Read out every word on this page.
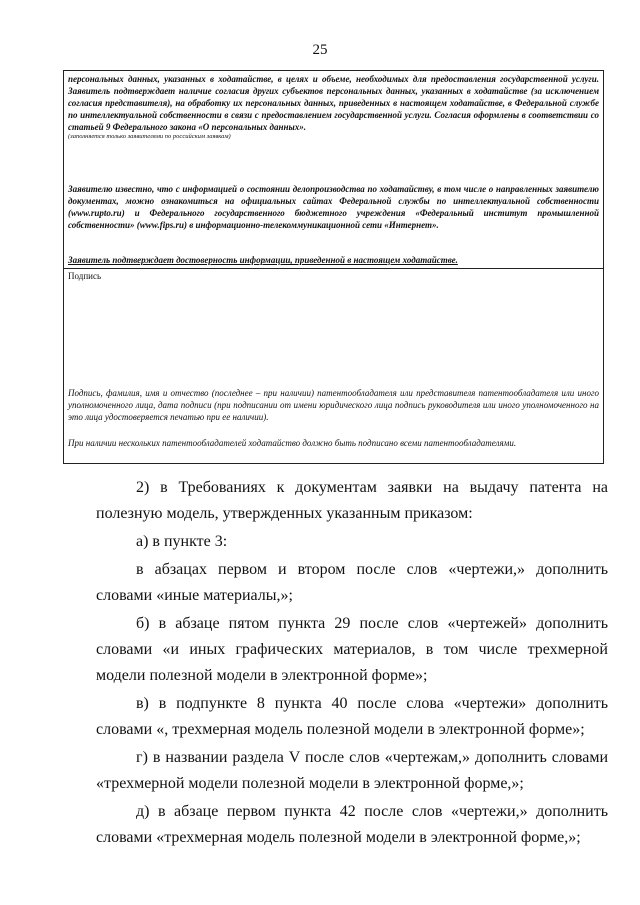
25
персональных данных, указанных в ходатайстве, в целях и объеме, необходимых для предоставления государственной услуги. Заявитель подтверждает наличие согласия других субъектов персональных данных, указанных в ходатайстве (за исключением согласия представителя), на обработку их персональных данных, приведенных в настоящем ходатайстве, в Федеральной службе по интеллектуальной собственности в связи с предоставлением государственной услуги. Согласия оформлены в соответствии со статьей 9 Федерального закона «О персональных данных».
(заполняется только заявителями по российским заявкам)
Заявителю известно, что с информацией о состоянии делопроизводства по ходатайству, в том числе о направленных заявителю документах, можно ознакомиться на официальных сайтах Федеральной службы по интеллектуальной собственности (www.rupto.ru) и Федерального государственного бюджетного учреждения «Федеральный институт промышленной собственности» (www.fips.ru) в информационно-телекоммуникационной сети «Интернет».
Заявитель подтверждает достоверность информации, приведенной в настоящем ходатайстве.
Подпись
Подпись, фамилия, имя и отчество (последнее – при наличии) патентообладателя или представителя патентообладателя или иного уполномоченного лица, дата подписи (при подписании от имени юридического лица подпись руководителя или иного уполномоченного на это лица удостоверяется печатью при ее наличии).
При наличии нескольких патентообладателей ходатайство должно быть подписано всеми патентообладателями.

2) в Требованиях к документам заявки на выдачу патента на полезную модель, утвержденных указанным приказом:

а) в пункте 3:

в абзацах первом и втором после слов «чертежи,» дополнить словами «иные материалы,»;

б) в абзаце пятом пункта 29 после слов «чертежей» дополнить словами «и иных графических материалов, в том числе трехмерной модели полезной модели в электронной форме»;

в) в подпункте 8 пункта 40 после слова «чертежи» дополнить словами «, трехмерная модель полезной модели в электронной форме»;

г) в названии раздела V после слов «чертежам,» дополнить словами «трехмерной модели полезной модели в электронной форме,»;

д) в абзаце первом пункта 42 после слов «чертежи,» дополнить словами «трехмерная модель полезной модели в электронной форме,»;
